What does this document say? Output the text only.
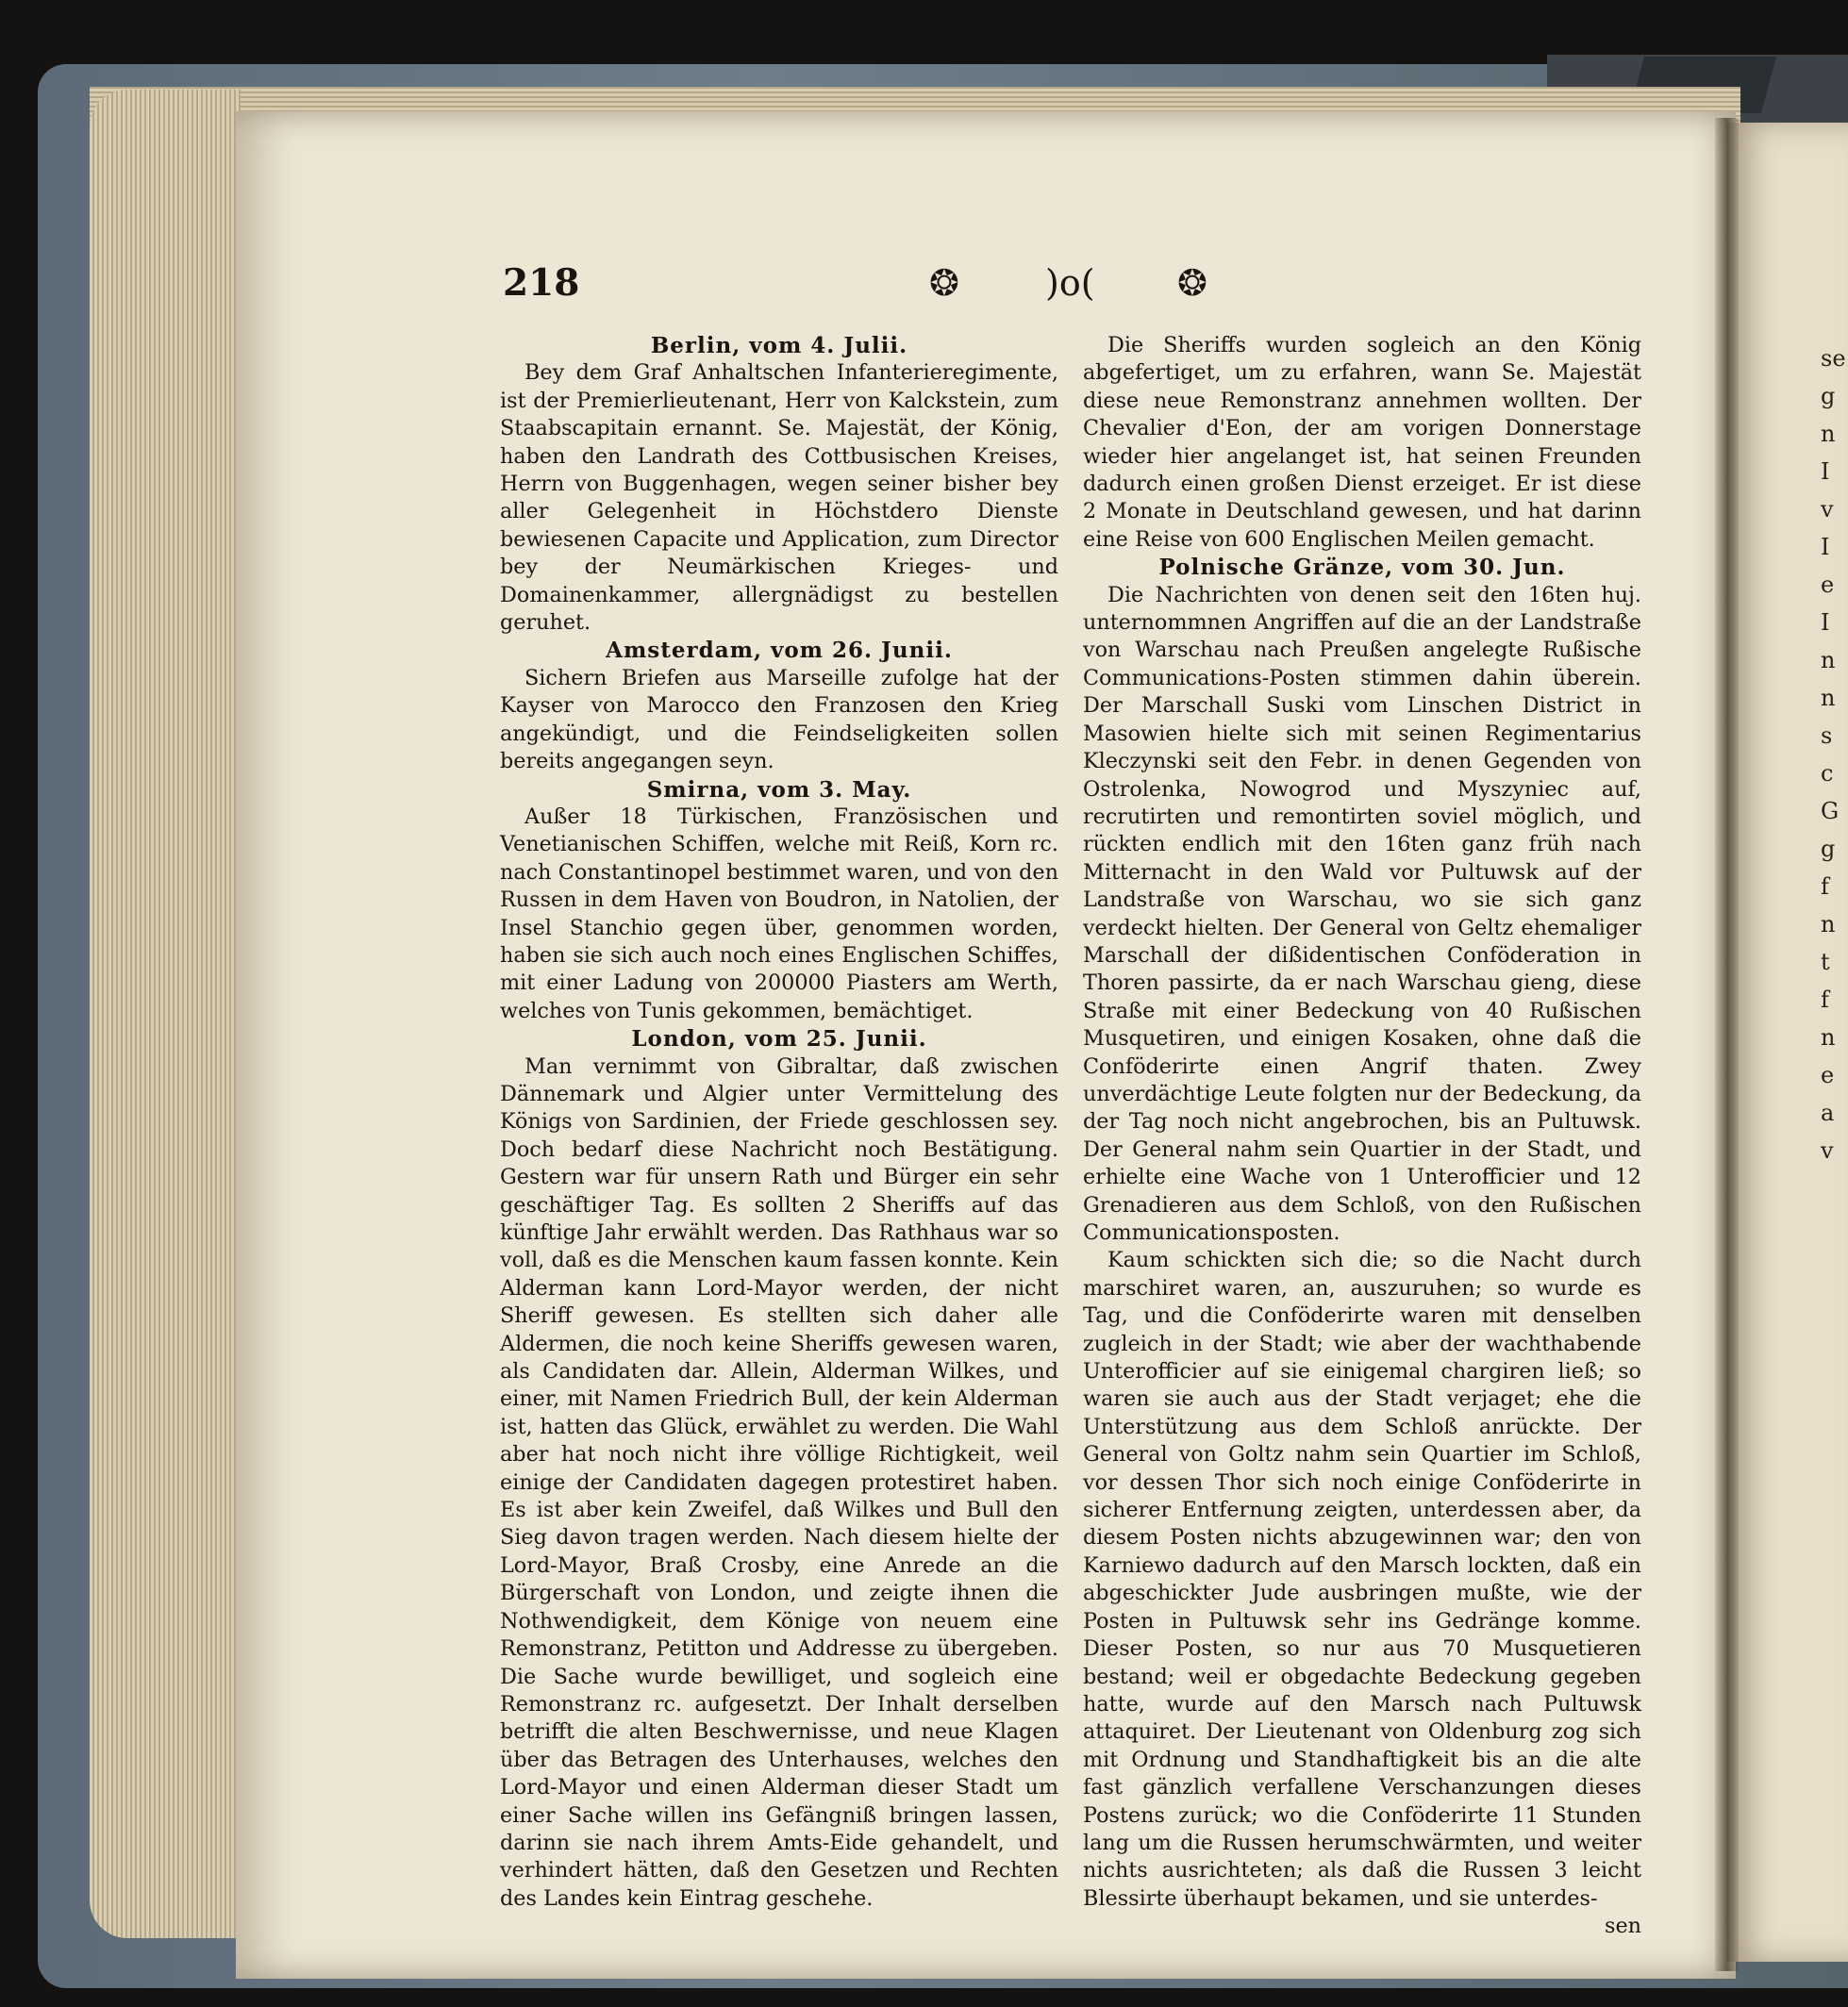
218	❂ )o( ❂
Berlin, vom 4. Julii.

Bey dem Graf Anhaltschen Infanterieregimente, ist der Premierlieutenant, Herr von Kalckstein, zum Staabscapitain ernannt. Se. Majestät, der König, haben den Landrath des Cottbusischen Kreises, Herrn von Buggenhagen, wegen seiner bisher bey aller Gelegenheit in Höchstdero Dienste bewiesenen Capacite und Application, zum Director bey der Neumärkischen Krieges- und Domainenkammer, allergnädigst zu bestellen geruhet.

Amsterdam, vom 26. Junii.

Sichern Briefen aus Marseille zufolge hat der Kayser von Marocco den Franzosen den Krieg angekündigt, und die Feindseligkeiten sollen bereits angegangen seyn.

Smirna, vom 3. May.

Außer 18 Türkischen, Französischen und Venetianischen Schiffen, welche mit Reiß, Korn rc. nach Constantinopel bestimmet waren, und von den Russen in dem Haven von Boudron, in Natolien, der Insel Stanchio gegen über, genommen worden, haben sie sich auch noch eines Englischen Schiffes, mit einer Ladung von 200000 Piasters am Werth, welches von Tunis gekommen, bemächtiget.

London, vom 25. Junii.

Man vernimmt von Gibraltar, daß zwischen Dännemark und Algier unter Vermittelung des Königs von Sardinien, der Friede geschlossen sey. Doch bedarf diese Nachricht noch Bestätigung. Gestern war für unsern Rath und Bürger ein sehr geschäftiger Tag. Es sollten 2 Sheriffs auf das künftige Jahr erwählt werden. Das Rathhaus war so voll, daß es die Menschen kaum fassen konnte. Kein Alderman kann Lord-Mayor werden, der nicht Sheriff gewesen. Es stellten sich daher alle Aldermen, die noch keine Sheriffs gewesen waren, als Candidaten dar. Allein, Alderman Wilkes, und einer, mit Namen Friedrich Bull, der kein Alderman ist, hatten das Glück, erwählet zu werden. Die Wahl aber hat noch nicht ihre völlige Richtigkeit, weil einige der Candidaten dagegen protestiret haben. Es ist aber kein Zweifel, daß Wilkes und Bull den Sieg davon tragen werden. Nach diesem hielte der Lord-Mayor, Braß Crosby, eine Anrede an die Bürgerschaft von London, und zeigte ihnen die Nothwendigkeit, dem Könige von neuem eine Remonstranz, Petitton und Addresse zu übergeben. Die Sache wurde bewilliget, und sogleich eine Remonstranz rc. aufgesetzt. Der Inhalt derselben betrifft die alten Beschwernisse, und neue Klagen über das Betragen des Unterhauses, welches den Lord-Mayor und einen Alderman dieser Stadt um einer Sache willen ins Gefängniß bringen lassen, darinn sie nach ihrem Amts-Eide gehandelt, und verhindert hätten, daß den Gesetzen und Rechten des Landes kein Eintrag geschehe.

Die Sheriffs wurden sogleich an den König abgefertiget, um zu erfahren, wann Se. Majestät diese neue Remonstranz annehmen wollten. Der Chevalier d'Eon, der am vorigen Donnerstage wieder hier angelanget ist, hat seinen Freunden dadurch einen großen Dienst erzeiget. Er ist diese 2 Monate in Deutschland gewesen, und hat darinn eine Reise von 600 Englischen Meilen gemacht.

Polnische Gränze, vom 30. Jun.

Die Nachrichten von denen seit den 16ten huj. unternommnen Angriffen auf die an der Landstraße von Warschau nach Preußen angelegte Rußische Communications-Posten stimmen dahin überein. Der Marschall Suski vom Linschen District in Masowien hielte sich mit seinen Regimentarius Kleczynski seit den Febr. in denen Gegenden von Ostrolenka, Nowogrod und Myszyniec auf, recrutirten und remontirten soviel möglich, und rückten endlich mit den 16ten ganz früh nach Mitternacht in den Wald vor Pultuwsk auf der Landstraße von Warschau, wo sie sich ganz verdeckt hielten. Der General von Geltz ehemaliger Marschall der dißidentischen Conföderation in Thoren passirte, da er nach Warschau gieng, diese Straße mit einer Bedeckung von 40 Rußischen Musquetiren, und einigen Kosaken, ohne daß die Conföderirte einen Angrif thaten. Zwey unverdächtige Leute folgten nur der Bedeckung, da der Tag noch nicht angebrochen, bis an Pultuwsk. Der General nahm sein Quartier in der Stadt, und erhielte eine Wache von 1 Unterofficier und 12 Grenadieren aus dem Schloß, von den Rußischen Communicationsposten.

Kaum schickten sich die; so die Nacht durch marschiret waren, an, auszuruhen; so wurde es Tag, und die Conföderirte waren mit denselben zugleich in der Stadt; wie aber der wachthabende Unterofficier auf sie einigemal chargiren ließ; so waren sie auch aus der Stadt verjaget; ehe die Unterstützung aus dem Schloß anrückte. Der General von Goltz nahm sein Quartier im Schloß, vor dessen Thor sich noch einige Conföderirte in sicherer Entfernung zeigten, unterdessen aber, da diesem Posten nichts abzugewinnen war; den von Karniewo dadurch auf den Marsch lockten, daß ein abgeschickter Jude ausbringen mußte, wie der Posten in Pultuwsk sehr ins Gedränge komme. Dieser Posten, so nur aus 70 Musquetieren bestand; weil er obgedachte Bedeckung gegeben hatte, wurde auf den Marsch nach Pultuwsk attaquiret. Der Lieutenant von Oldenburg zog sich mit Ordnung und Standhaftigkeit bis an die alte fast gänzlich verfallene Verschanzungen dieses Postens zurück; wo die Conföderirte 11 Stunden lang um die Russen herumschwärmten, und weiter nichts ausrichteten; als daß die Russen 3 leicht Blessirte überhaupt bekamen, und sie unterdes-

sen

se
g
n
I
v
I
e
I
n
n
s
c
G
g
f
n
t
f
n
e
a
v
